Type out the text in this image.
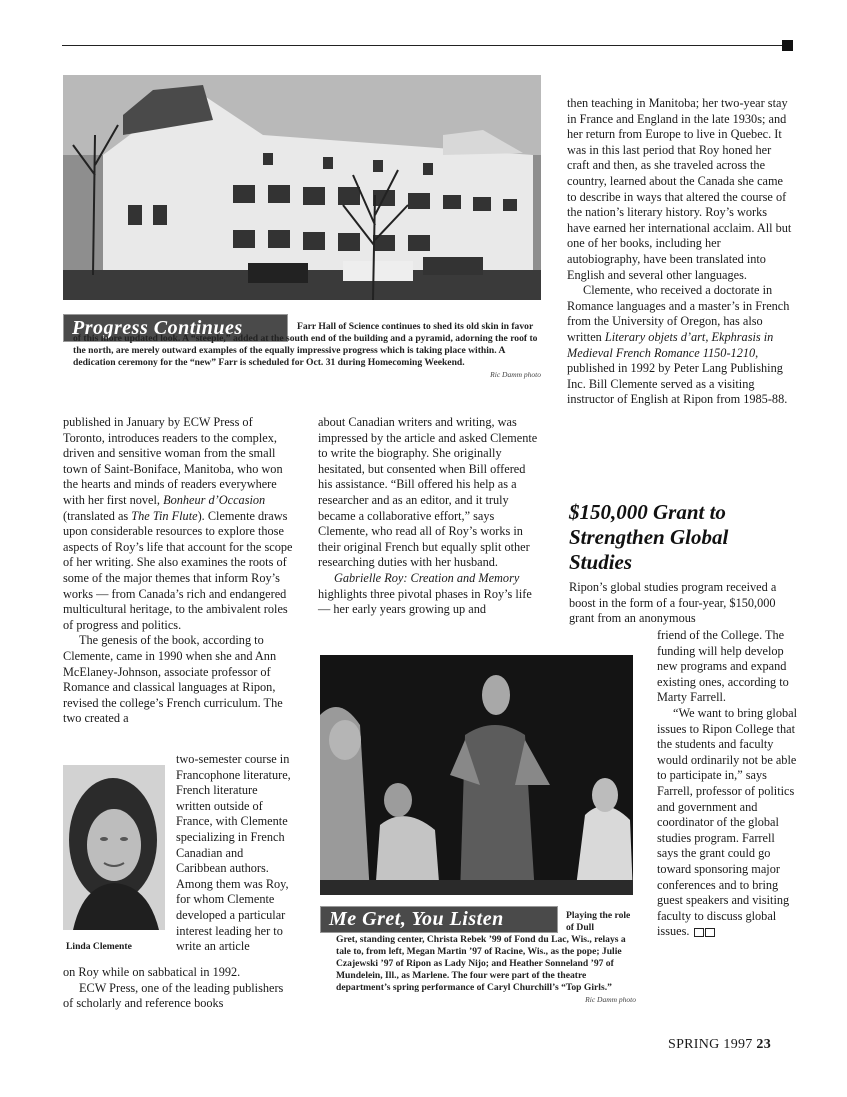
Progress Continues	Farr Hall of Science continues to shed its old skin in favor of this more updated look. A “steeple,” added at the south end of the building and a pyramid, adorning the roof to the north, are merely outward examples of the equally impressive progress which is taking place within. A dedication ceremony for the “new” Farr is scheduled for Oct. 31 during Homecoming Weekend.
Ric Damm photo

published in January by ECW Press of Toronto, introduces readers to the complex, driven and sensitive woman from the small town of Saint-Boniface, Manitoba, who won the hearts and minds of readers everywhere with her first novel, Bonheur d’Occasion (translated as The Tin Flute). Clemente draws upon considerable resources to explore those aspects of Roy’s life that account for the scope of her writing. She also examines the roots of some of the major themes that inform Roy’s works — from Canada’s rich and endangered multicultural heritage, to the ambivalent roles of progress and politics.

The genesis of the book, according to Clemente, came in 1990 when she and Ann McElaney-Johnson, associate professor of Romance and classical languages at Ripon, revised the college’s French curriculum. The two created a

Linda Clemente

two-semester course in Francophone literature, French literature written outside of France, with Clemente specializing in French Canadian and Caribbean authors. Among them was Roy, for whom Clemente developed a particular interest leading her to write an article

on Roy while on sabbatical in 1992.

ECW Press, one of the leading publishers of scholarly and reference books

about Canadian writers and writing, was impressed by the article and asked Clemente to write the biography. She originally hesitated, but consented when Bill offered his assistance. “Bill offered his help as a researcher and as an editor, and it truly became a collaborative effort,” says Clemente, who read all of Roy’s works in their original French but equally split other researching duties with her husband.

Gabrielle Roy: Creation and Memory highlights three pivotal phases in Roy’s life — her early years growing up and

then teaching in Manitoba; her two-year stay in France and England in the late 1930s; and her return from Europe to live in Quebec. It was in this last period that Roy honed her craft and then, as she traveled across the country, learned about the Canada she came to describe in ways that altered the course of the nation’s literary history. Roy’s works have earned her international acclaim. All but one of her books, including her autobiography, have been translated into English and several other languages.

Clemente, who received a doctorate in Romance languages and a master’s in French from the University of Oregon, has also written Literary objets d’art, Ekphrasis in Medieval French Romance 1150-1210, published in 1992 by Peter Lang Publishing Inc. Bill Clemente served as a visiting instructor of English at Ripon from 1985-88.

$150,000 Grant to Strengthen Global Studies

Ripon’s global studies program received a boost in the form of a four-year, $150,000 grant from an anonymous

friend of the College. The funding will help develop new programs and expand existing ones, according to Marty Farrell.

“We want to bring global issues to Ripon College that the students and faculty would ordinarily not be able to participate in,” says Farrell, professor of politics and government and coordinator of the global studies program. Farrell says the grant could go toward sponsoring major conferences and to bring guest speakers and visiting faculty to discuss global issues.

Me Gret, You Listen	Playing the role of Dull
Gret, standing center, Christa Rebek ’99 of Fond du Lac, Wis., relays a tale to, from left, Megan Martin ’97 of Racine, Wis., as the pope; Julie Czajewski ’97 of Ripon as Lady Nijo; and Heather Sonneland ’97 of Mundelein, Ill., as Marlene. The four were part of the theatre department’s spring performance of Caryl Churchill’s “Top Girls.”
Ric Damm photo
SPRING 1997 23
